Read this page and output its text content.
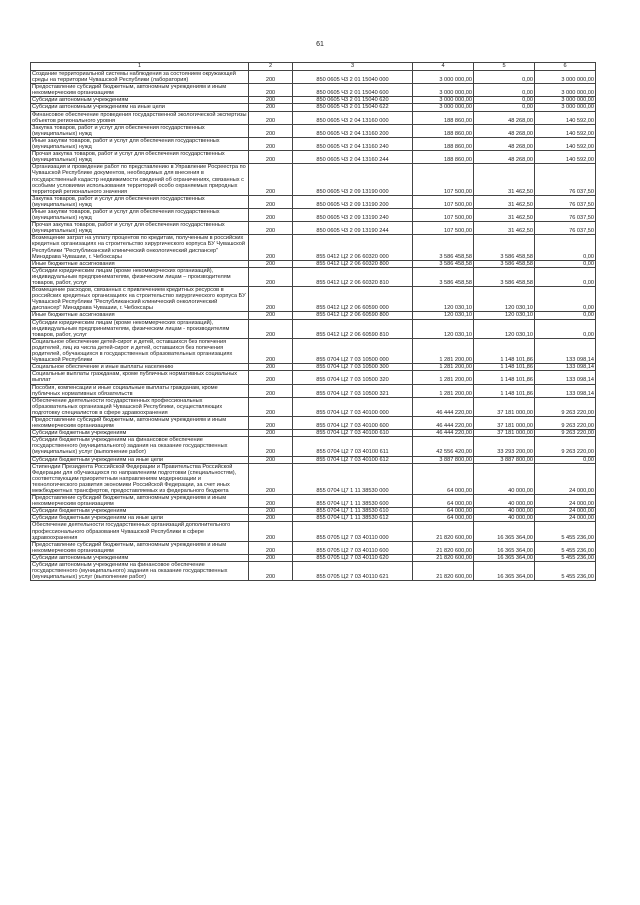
61
1	2	3	4	5	6
Создание территориальной системы наблюдения за состоянием окружающей среды на территории Чувашской Республики (лаборатория)	200	850 0605 Ч3 2 01 15040 000	3 000 000,00	0,00	3 000 000,00
Предоставление субсидий бюджетным, автономным учреждениям и иным некоммерческим организациям	200	850 0605 Ч3 2 01 15040 600	3 000 000,00	0,00	3 000 000,00
Субсидии автономным учреждениям	200	850 0605 Ч3 2 01 15040 620	3 000 000,00	0,00	3 000 000,00
Субсидии автономным учреждениям на иные цели	200	850 0605 Ч3 2 01 15040 622	3 000 000,00	0,00	3 000 000,00
Финансовое обеспечение проведения государственной экологической экспертизы объектов регионального уровня	200	850 0605 Ч3 2 04 13160 000	188 860,00	48 268,00	140 592,00
Закупка товаров, работ и услуг для обеспечения государственных (муниципальных) нужд	200	850 0605 Ч3 2 04 13160 200	188 860,00	48 268,00	140 592,00
Иные закупки товаров, работ и услуг для обеспечения государственных (муниципальных) нужд	200	850 0605 Ч3 2 04 13160 240	188 860,00	48 268,00	140 592,00
Прочая закупка товаров, работ и услуг для обеспечения государственных (муниципальных) нужд	200	850 0605 Ч3 2 04 13160 244	188 860,00	48 268,00	140 592,00
Организация и проведение работ по представлению в Управление Росреестра по Чувашской Республике документов, необходимых для внесения в государственный кадастр недвижимости сведений об ограничениях, связанных с особыми условиями использования территорий особо охраняемых природных территорий регионального значения	200	850 0605 Ч3 2 09 13190 000	107 500,00	31 462,50	76 037,50
Закупка товаров, работ и услуг для обеспечения государственных (муниципальных) нужд	200	850 0605 Ч3 2 09 13190 200	107 500,00	31 462,50	76 037,50
Иные закупки товаров, работ и услуг для обеспечения государственных (муниципальных) нужд	200	850 0605 Ч3 2 09 13190 240	107 500,00	31 462,50	76 037,50
Прочая закупка товаров, работ и услуг для обеспечения государственных (муниципальных) нужд	200	850 0605 Ч3 2 09 13190 244	107 500,00	31 462,50	76 037,50
Возмещение затрат на уплату процентов по кредитам, полученным в российских кредитных организациях на строительство хирургического корпуса БУ Чувашской Республики "Республиканский клинический онкологический диспансер" Минздрава Чувашии, г. Чебоксары	200	855 0412 Ц2 2 06 60320 000	3 586 458,58	3 586 458,58	0,00
Иные бюджетные ассигнования	200	855 0412 Ц2 2 06 60320 800	3 586 458,58	3 586 458,58	0,00
Субсидии юридическим лицам (кроме некоммерческих организаций), индивидуальным предпринимателям, физическим лицам – производителям товаров, работ, услуг	200	855 0412 Ц2 2 06 60320 810	3 586 458,58	3 586 458,58	0,00
Возмещение расходов, связанных с привлечением кредитных ресурсов в российских кредитных организациях на строительство хирургического корпуса БУ Чувашской Республики "Республиканский клинический онкологический диспансер" Минздрава Чувашии, г. Чебоксары	200	855 0412 Ц2 2 06 60590 000	120 030,10	120 030,10	0,00
Иные бюджетные ассигнования	200	855 0412 Ц2 2 06 60590 800	120 030,10	120 030,10	0,00
Субсидии юридическим лицам (кроме некоммерческих организаций), индивидуальным предпринимателям, физическим лицам - производителям товаров, работ, услуг	200	855 0412 Ц2 2 06 60590 810	120 030,10	120 030,10	0,00
Социальное обеспечение детей-сирот и детей, оставшихся без попечения родителей, лиц из числа детей-сирот и детей, оставшихся без попечения родителей, обучающихся в государственных образовательных организациях Чувашской Республики	200	855 0704 Ц2 7 03 10500 000	1 281 200,00	1 148 101,86	133 098,14
Социальное обеспечение и иные выплаты населению	200	855 0704 Ц2 7 03 10500 300	1 281 200,00	1 148 101,86	133 098,14
Социальные выплаты гражданам, кроме публичных нормативных социальных выплат	200	855 0704 Ц2 7 03 10500 320	1 281 200,00	1 148 101,86	133 098,14
Пособия, компенсации и иные социальные выплаты гражданам, кроме публичных нормативных обязательств	200	855 0704 Ц2 7 03 10500 321	1 281 200,00	1 148 101,86	133 098,14
Обеспечение деятельности государственных профессиональных образовательных организаций Чувашской Республики, осуществляющих подготовку специалистов в сфере здравоохранения	200	855 0704 Ц2 7 03 40100 000	46 444 220,00	37 181 000,00	9 263 220,00
Предоставление субсидий бюджетным, автономным учреждениям и иным некоммерческим организациям	200	855 0704 Ц2 7 03 40100 600	46 444 220,00	37 181 000,00	9 263 220,00
Субсидии бюджетным учреждениям	200	855 0704 Ц2 7 03 40100 610	46 444 220,00	37 181 000,00	9 263 220,00
Субсидии бюджетным учреждениям на финансовое обеспечение государственного (муниципального) задания на оказание государственных (муниципальных) услуг (выполнение работ)	200	855 0704 Ц2 7 03 40100 611	42 556 420,00	33 293 200,00	9 263 220,00
Субсидии бюджетным учреждениям на иные цели	200	855 0704 Ц2 7 03 40100 612	3 887 800,00	3 887 800,00	0,00
Стипендии Президента Российской Федерации и Правительства Российской Федерации для обучающихся по направлениям подготовки (специальностям), соответствующим приоритетным направлениям модернизации и технологического развития экономики Российской Федерации, за счет иных межбюджетных трансфертов, предоставляемых из федерального бюджета	200	855 0704 Ц7 1 11 38530 000	64 000,00	40 000,00	24 000,00
Предоставление субсидий бюджетным, автономным учреждениям и иным некоммерческим организациям	200	855 0704 Ц7 1 11 38530 600	64 000,00	40 000,00	24 000,00
Субсидии бюджетным учреждениям	200	855 0704 Ц7 1 11 38530 610	64 000,00	40 000,00	24 000,00
Субсидии бюджетным учреждениям на иные цели	200	855 0704 Ц7 1 11 38530 612	64 000,00	40 000,00	24 000,00
Обеспечение деятельности государственных организаций дополнительного профессионального образования Чувашской Республики в сфере здравоохранения	200	855 0705 Ц2 7 03 40110 000	21 820 600,00	16 365 364,00	5 455 236,00
Предоставление субсидий бюджетным, автономным учреждениям и иным некоммерческим организациям	200	855 0705 Ц2 7 03 40110 600	21 820 600,00	16 365 364,00	5 455 236,00
Субсидии автономным учреждениям	200	855 0705 Ц2 7 03 40110 620	21 820 600,00	16 365 364,00	5 455 236,00
Субсидии автономным учреждениям на финансовое обеспечение государственного (муниципального) задания на оказание государственных (муниципальных) услуг (выполнение работ)	200	855 0705 Ц2 7 03 40110 621	21 820 600,00	16 365 364,00	5 455 236,00
